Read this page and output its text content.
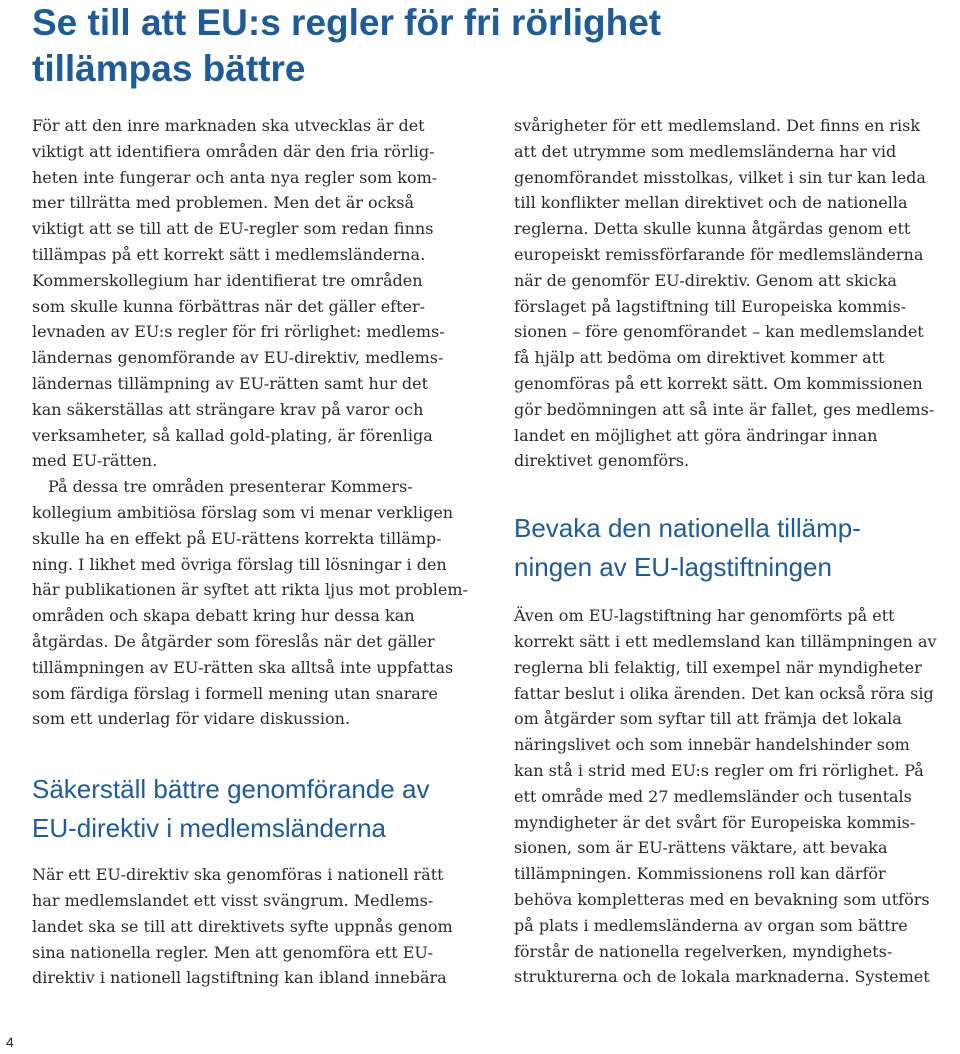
Se till att EU:s regler för fri rörlighet
tillämpas bättre

För att den inre marknaden ska utvecklas är det
viktigt att identifiera områden där den fria rörlig-
heten inte fungerar och anta nya regler som kom-
mer tillrätta med problemen. Men det är också
viktigt att se till att de EU-regler som redan finns
tillämpas på ett korrekt sätt i medlemsländerna.
Kommerskollegium har identifierat tre områden
som skulle kunna förbättras när det gäller efter-
levnaden av EU:s regler för fri rörlighet: medlems-
ländernas genomförande av EU-direktiv, medlems-
ländernas tillämpning av EU-rätten samt hur det
kan säkerställas att strängare krav på varor och
verksamheter, så kallad gold-plating, är förenliga
med EU-rätten.

På dessa tre områden presenterar Kommers-
kollegium ambitiösa förslag som vi menar verkligen
skulle ha en effekt på EU-rättens korrekta tillämp-
ning. I likhet med övriga förslag till lösningar i den
här publikationen är syftet att rikta ljus mot problem-
områden och skapa debatt kring hur dessa kan
åtgärdas. De åtgärder som föreslås när det gäller
tillämpningen av EU-rätten ska alltså inte uppfattas
som färdiga förslag i formell mening utan snarare
som ett underlag för vidare diskussion.

Säkerställ bättre genomförande av
EU-direktiv i medlemsländerna

När ett EU-direktiv ska genomföras i nationell rätt
har medlemslandet ett visst svängrum. Medlems-
landet ska se till att direktivets syfte uppnås genom
sina nationella regler. Men att genomföra ett EU-
direktiv i nationell lagstiftning kan ibland innebära

svårigheter för ett medlemsland. Det finns en risk
att det utrymme som medlemsländerna har vid
genomförandet misstolkas, vilket i sin tur kan leda
till konflikter mellan direktivet och de nationella
reglerna. Detta skulle kunna åtgärdas genom ett
europeiskt remissförfarande för medlemsländerna
när de genomför EU-direktiv. Genom att skicka
förslaget på lagstiftning till Europeiska kommis-
sionen – före genomförandet – kan medlemslandet
få hjälp att bedöma om direktivet kommer att
genomföras på ett korrekt sätt. Om kommissionen
gör bedömningen att så inte är fallet, ges medlems-
landet en möjlighet att göra ändringar innan
direktivet genomförs.

Bevaka den nationella tillämp-
ningen av EU-lagstiftningen

Även om EU-lagstiftning har genomförts på ett
korrekt sätt i ett medlemsland kan tillämpningen av
reglerna bli felaktig, till exempel när myndigheter
fattar beslut i olika ärenden. Det kan också röra sig
om åtgärder som syftar till att främja det lokala
näringslivet och som innebär handelshinder som
kan stå i strid med EU:s regler om fri rörlighet. På
ett område med 27 medlemsländer och tusentals
myndigheter är det svårt för Europeiska kommis-
sionen, som är EU-rättens väktare, att bevaka
tillämpningen. Kommissionens roll kan därför
behöva kompletteras med en bevakning som utförs
på plats i medlemsländerna av organ som bättre
förstår de nationella regelverken, myndighets-
strukturerna och de lokala marknaderna. Systemet

4
